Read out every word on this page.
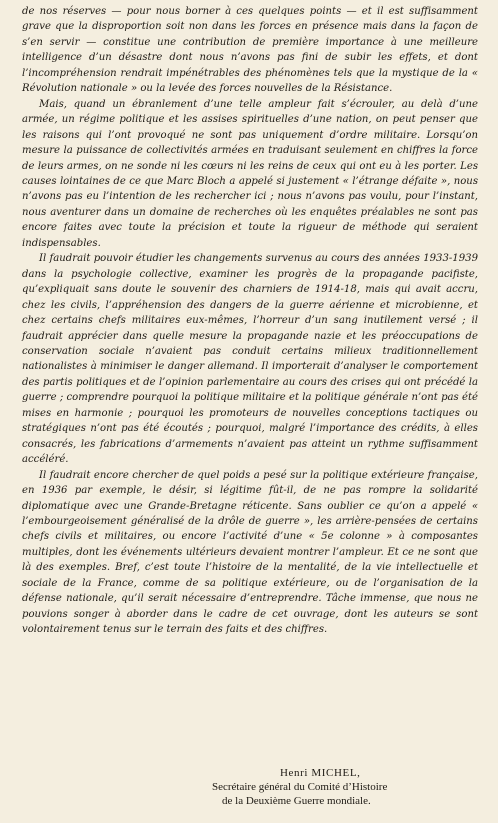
de nos réserves — pour nous borner à ces quelques points — et il est suffisamment grave que la disproportion soit non dans les forces en présence mais dans la façon de s’en servir — constitue une contribution de première importance à une meilleure intelligence d’un désastre dont nous n’avons pas fini de subir les effets, et dont l’incompréhension rendrait impénétrables des phénomènes tels que la mystique de la « Révolution nationale » ou la levée des forces nouvelles de la Résistance.

Mais, quand un ébranlement d’une telle ampleur fait s’écrouler, au delà d’une armée, un régime politique et les assises spirituelles d’une nation, on peut penser que les raisons qui l’ont provoqué ne sont pas uniquement d’ordre militaire. Lorsqu’on mesure la puissance de collectivités armées en traduisant seulement en chiffres la force de leurs armes, on ne sonde ni les cœurs ni les reins de ceux qui ont eu à les porter. Les causes lointaines de ce que Marc Bloch a appelé si justement « l’étrange défaite », nous n’avons pas eu l’intention de les rechercher ici ; nous n’avons pas voulu, pour l’instant, nous aventurer dans un domaine de recherches où les enquêtes préalables ne sont pas encore faites avec toute la précision et toute la rigueur de méthode qui seraient indispensables.

Il faudrait pouvoir étudier les changements survenus au cours des années 1933-1939 dans la psychologie collective, examiner les progrès de la propagande pacifiste, qu’expliquait sans doute le souvenir des charniers de 1914-18, mais qui avait accru, chez les civils, l’appréhension des dangers de la guerre aérienne et microbienne, et chez certains chefs militaires eux-mêmes, l’horreur d’un sang inutilement versé ; il faudrait apprécier dans quelle mesure la propagande nazie et les préoccupations de conservation sociale n’avaient pas conduit certains milieux traditionnellement nationalistes à minimiser le danger allemand. Il importerait d’analyser le comportement des partis politiques et de l’opinion parlementaire au cours des crises qui ont précédé la guerre ; comprendre pourquoi la politique militaire et la politique générale n’ont pas été mises en harmonie ; pourquoi les promoteurs de nouvelles conceptions tactiques ou stratégiques n’ont pas été écoutés ; pourquoi, malgré l’importance des crédits, à elles consacrés, les fabrications d’armements n’avaient pas atteint un rythme suffisamment accéléré.

Il faudrait encore chercher de quel poids a pesé sur la politique extérieure française, en 1936 par exemple, le désir, si légitime fût-il, de ne pas rompre la solidarité diplomatique avec une Grande-Bretagne réticente. Sans oublier ce qu’on a appelé « l’embourgeoisement généralisé de la drôle de guerre », les arrière-pensées de certains chefs civils et militaires, ou encore l’activité d’une « 5e colonne » à composantes multiples, dont les événements ultérieurs devaient montrer l’ampleur. Et ce ne sont que là des exemples. Bref, c’est toute l’histoire de la mentalité, de la vie intellectuelle et sociale de la France, comme de sa politique extérieure, ou de l’organisation de la défense nationale, qu’il serait nécessaire d’entreprendre. Tâche immense, que nous ne pouvions songer à aborder dans le cadre de cet ouvrage, dont les auteurs se sont volontairement tenus sur le terrain des faits et des chiffres.

Henri MICHEL,
Secrétaire général du Comité d’Histoire
de la Deuxième Guerre mondiale.
